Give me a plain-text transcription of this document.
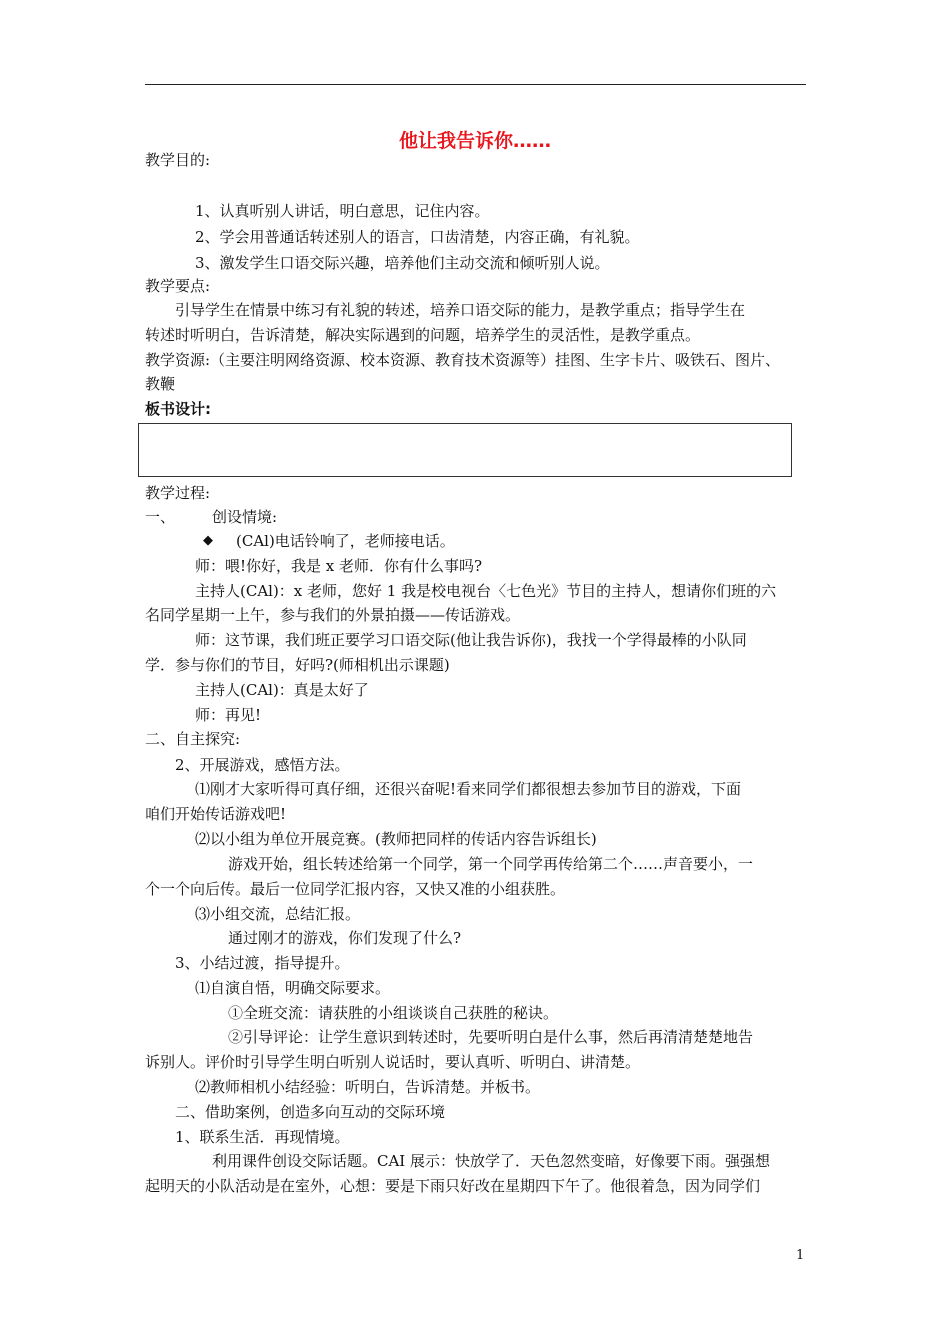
他让我告诉你……
教学目的:
1、认真听别人讲话，明白意思，记住内容。
2、学会用普通话转述别人的语言，口齿清楚，内容正确，有礼貌。
3、激发学生口语交际兴趣，培养他们主动交流和倾听别人说。
教学要点:
引导学生在情景中练习有礼貌的转述，培养口语交际的能力，是教学重点；指导学生在
转述时听明白，告诉清楚，解决实际遇到的问题，培养学生的灵活性，是教学重点。
教学资源:（主要注明网络资源、校本资源、教育技术资源等）挂图、生字卡片、吸铁石、图片、
教鞭
板书设计:
教学过程:
一、 创设情境:
◆ (CAl)电话铃响了，老师接电话。
师：喂!你好，我是 x 老师．你有什么事吗?
主持人(CAl)：x 老师，您好 1 我是校电视台〈七色光》节目的主持人，想请你们班的六
名同学星期一上午，参与我们的外景拍摄——传话游戏。
师：这节课，我们班正要学习口语交际(他让我告诉你)，我找一个学得最棒的小队同
学．参与你们的节目，好吗?(师相机出示课题)
主持人(CAl)：真是太好了
师：再见!
二、自主探究:
2、开展游戏，感悟方法。
⑴刚才大家听得可真仔细，还很兴奋呢!看来同学们都很想去参加节目的游戏，下面
咱们开始传话游戏吧!
⑵以小组为单位开展竞赛。(教师把同样的传话内容告诉组长)
游戏开始，组长转述给第一个同学，第一个同学再传给第二个……声音要小，一
个一个向后传。最后一位同学汇报内容，又快又准的小组获胜。
⑶小组交流，总结汇报。
通过刚才的游戏，你们发现了什么?
3、小结过渡，指导提升。
⑴自演自悟，明确交际要求。
①全班交流：请获胜的小组谈谈自己获胜的秘诀。
②引导评论：让学生意识到转述时，先要听明白是什么事，然后再清清楚楚地告
诉别人。评价时引导学生明白听别人说话时，要认真听、听明白、讲清楚。
⑵教师相机小结经验：听明白，告诉清楚。并板书。
二、借助案例，创造多向互动的交际环境
1、联系生活．再现情境。
利用课件创设交际话题。CAI 展示：快放学了．天色忽然变暗，好像要下雨。强强想
起明天的小队活动是在室外，心想：要是下雨只好改在星期四下午了。他很着急，因为同学们
1
